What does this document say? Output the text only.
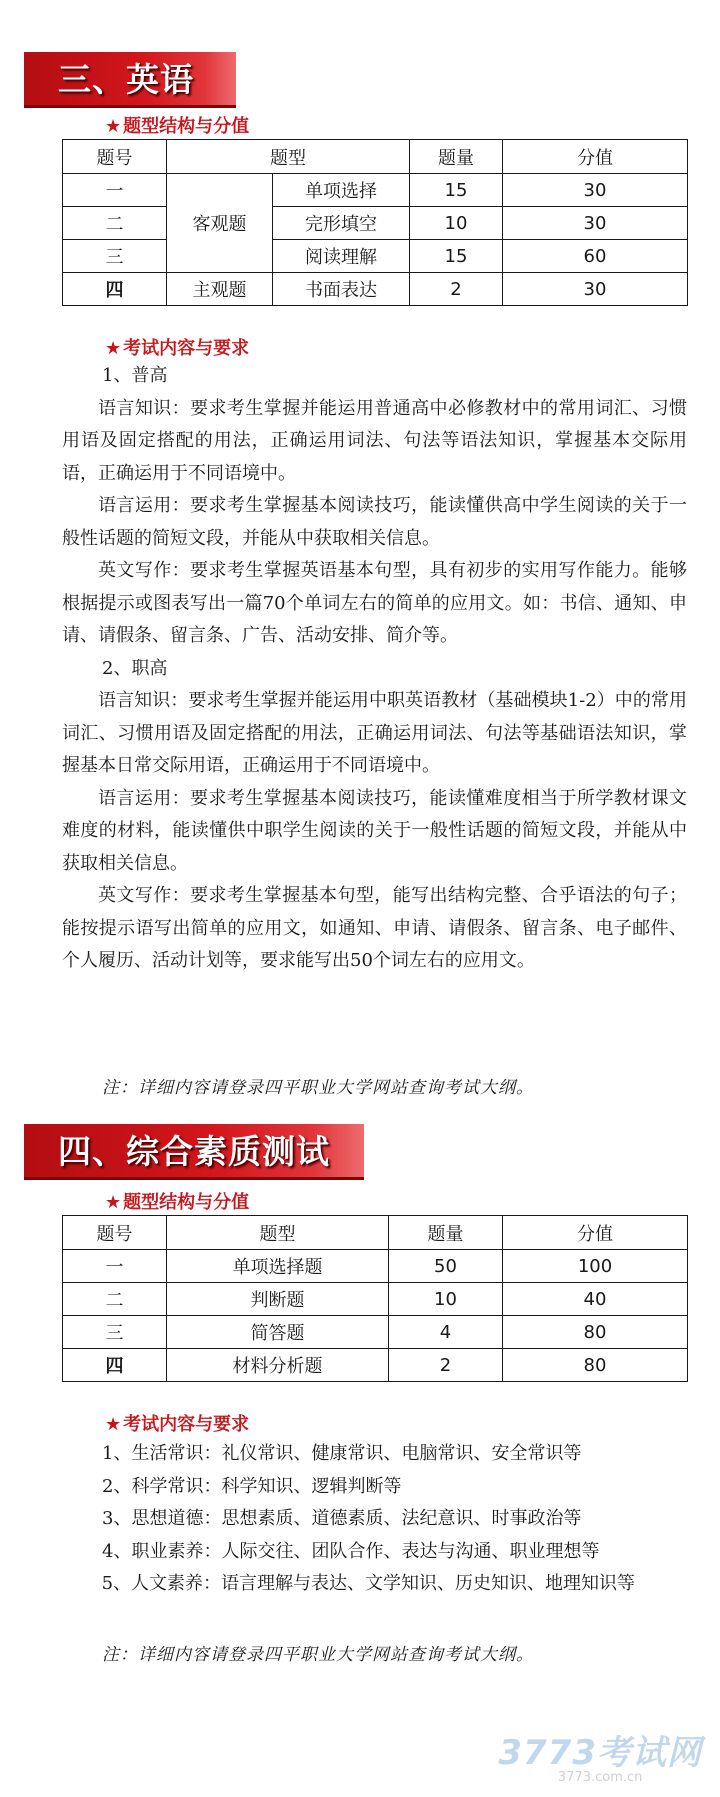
三、英语
★ 题型结构与分值
题号	题型		题量	分值
一	客观题	单项选择	15	30
二		完形填空	10	30
三		阅读理解	15	60
四	主观题	书面表达	2	30
★ 考试内容与要求

1、普高

语言知识：要求考生掌握并能运用普通高中必修教材中的常用词汇、习惯用语及固定搭配的用法，正确运用词法、句法等语法知识，掌握基本交际用语，正确运用于不同语境中。

语言运用：要求考生掌握基本阅读技巧，能读懂供高中学生阅读的关于一般性话题的简短文段，并能从中获取相关信息。

英文写作：要求考生掌握英语基本句型，具有初步的实用写作能力。能够根据提示或图表写出一篇70个单词左右的简单的应用文。如：书信、通知、申请、请假条、留言条、广告、活动安排、简介等。

2、职高

语言知识：要求考生掌握并能运用中职英语教材（基础模块1-2）中的常用词汇、习惯用语及固定搭配的用法，正确运用词法、句法等基础语法知识，掌握基本日常交际用语，正确运用于不同语境中。

语言运用：要求考生掌握基本阅读技巧，能读懂难度相当于所学教材课文难度的材料，能读懂供中职学生阅读的关于一般性话题的简短文段，并能从中获取相关信息。

英文写作：要求考生掌握基本句型，能写出结构完整、合乎语法的句子；能按提示语写出简单的应用文，如通知、申请、请假条、留言条、电子邮件、个人履历、活动计划等，要求能写出50个词左右的应用文。

注：详细内容请登录四平职业大学网站查询考试大纲。
四、综合素质测试
★ 题型结构与分值
题号	题型	题量	分值
一	单项选择题	50	100
二	判断题	10	40
三	简答题	4	80
四	材料分析题	2	80
★ 考试内容与要求

1、生活常识：礼仪常识、健康常识、电脑常识、安全常识等

2、科学常识：科学知识、逻辑判断等

3、思想道德：思想素质、道德素质、法纪意识、时事政治等

4、职业素养：人际交往、团队合作、表达与沟通、职业理想等

5、人文素养：语言理解与表达、文学知识、历史知识、地理知识等

注：详细内容请登录四平职业大学网站查询考试大纲。
3773考试网
3773.com.cn
